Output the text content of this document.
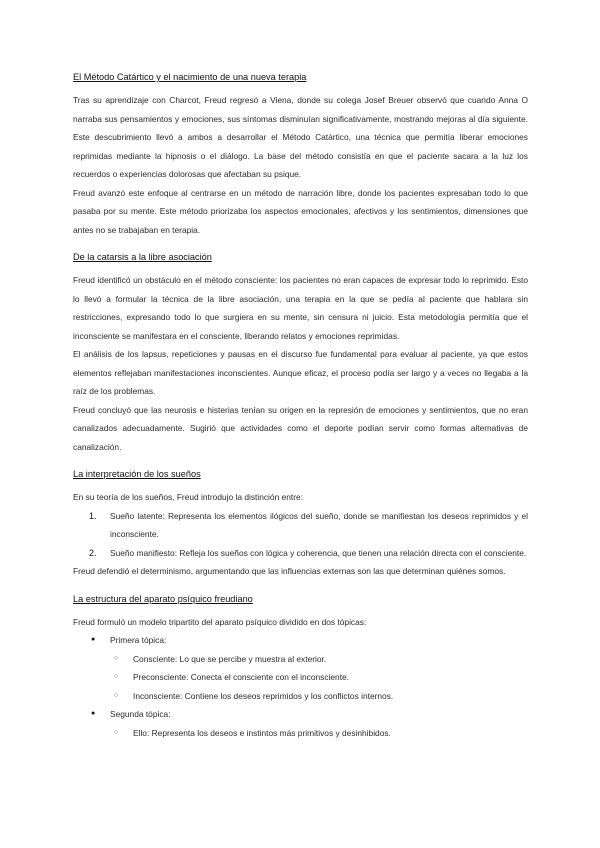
El Método Catártico y el nacimiento de una nueva terapia

Tras su aprendizaje con Charcot, Freud regresó a Viena, donde su colega Josef Breuer observó que cuando Anna O narraba sus pensamientos y emociones, sus síntomas disminuían significativamente, mostrando mejoras al día siguiente. Este descubrimiento llevó a ambos a desarrollar el Método Catártico, una técnica que permitía liberar emociones reprimidas mediante la hipnosis o el diálogo. La base del método consistía en que el paciente sacara a la luz los recuerdos o experiencias dolorosas que afectaban su psique.

Freud avanzó este enfoque al centrarse en un método de narración libre, donde los pacientes expresaban todo lo que pasaba por su mente. Este método priorizaba los aspectos emocionales, afectivos y los sentimientos, dimensiones que antes no se trabajaban en terapia.

De la catarsis a la libre asociación

Freud identificó un obstáculo en el método consciente: los pacientes no eran capaces de expresar todo lo reprimido. Esto lo llevó a formular la técnica de la libre asociación, una terapia en la que se pedía al paciente que hablara sin restricciones, expresando todo lo que surgiera en su mente, sin censura ni juicio. Esta metodología permitía que el inconsciente se manifestara en el consciente, liberando relatos y emociones reprimidas.

El análisis de los lapsus, repeticiones y pausas en el discurso fue fundamental para evaluar al paciente, ya que estos elementos reflejaban manifestaciones inconscientes. Aunque eficaz, el proceso podía ser largo y a veces no llegaba a la raíz de los problemas.

Freud concluyó que las neurosis e histerias tenían su origen en la represión de emociones y sentimientos, que no eran canalizados adecuadamente. Sugirió que actividades como el deporte podían servir como formas alternativas de canalización.

La interpretación de los sueños

En su teoría de los sueños, Freud introdujo la distinción entre:

1. Sueño latente: Representa los elementos ilógicos del sueño, donde se manifiestan los deseos reprimidos y el inconsciente.
2. Sueño manifiesto: Refleja los sueños con lógica y coherencia, que tienen una relación directa con el consciente.

Freud defendió el determinismo, argumentando que las influencias externas son las que determinan quiénes somos.

La estructura del aparato psíquico freudiano

Freud formuló un modelo tripartito del aparato psíquico dividido en dos tópicas:

● Primera tópica:
○ Consciente: Lo que se percibe y muestra al exterior.
○ Preconsciente: Conecta el consciente con el inconsciente.
○ Inconsciente: Contiene los deseos reprimidos y los conflictos internos.
● Segunda tópica:
○ Ello: Representa los deseos e instintos más primitivos y desinhibidos.
